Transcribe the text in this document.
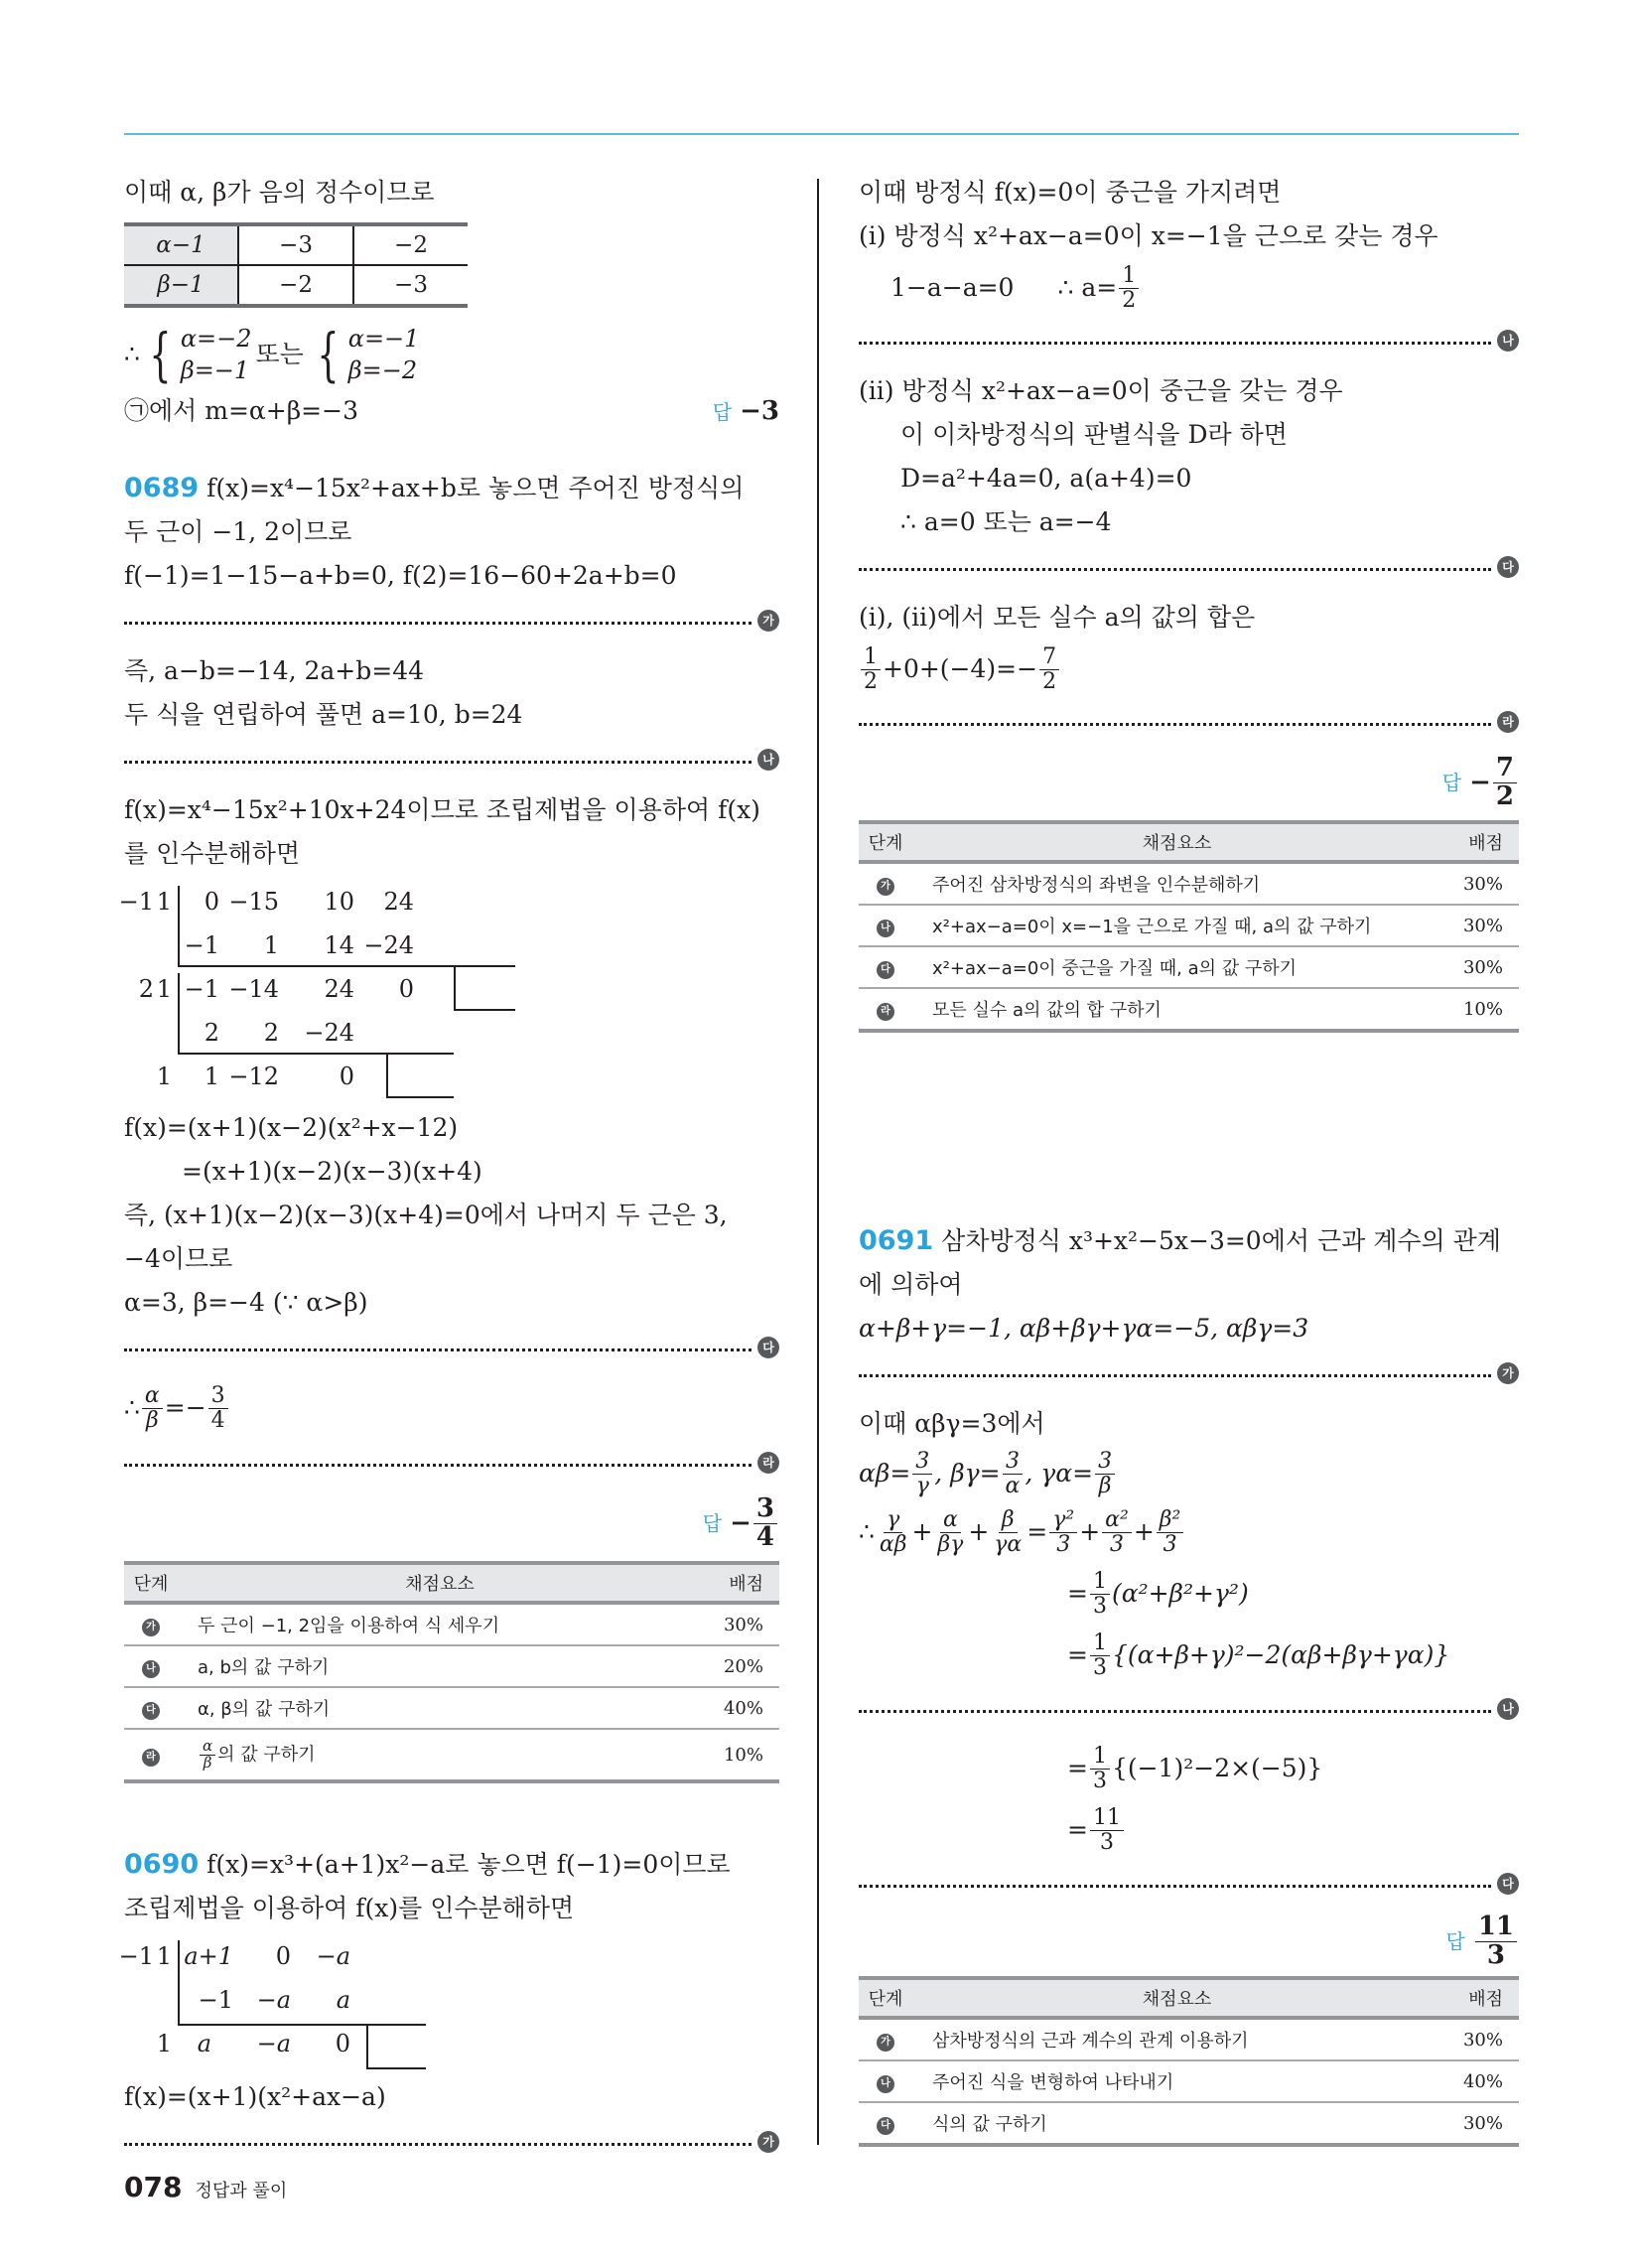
이때 α, β가 음의 정수이므로
α−1	−3	−2
β−1	−2	−3
∴ { α=−2
β=−1
또는 { α=−1
β=−2
㉠에서 m=α+β=−3	답 −3
0689 f(x)=x⁴−15x²+ax+b로 놓으면 주어진 방정식의
두 근이 −1, 2이므로
f(−1)=1−15−a+b=0, f(2)=16−60+2a+b=0
가
즉, a−b=−14, 2a+b=44
두 식을 연립하여 풀면 a=10, b=24
나
f(x)=x⁴−15x²+10x+24이므로 조립제법을 이용하여 f(x)
를 인수분해하면
−1 1	0 −15	10	24
−1	1	14 −24
2 1 −1 −14	24	0
2	2	−24
1	1 −12	0
f(x)=(x+1)(x−2)(x²+x−12)
=(x+1)(x−2)(x−3)(x+4)
즉, (x+1)(x−2)(x−3)(x+4)=0에서 나머지 두 근은 3,
−4이므로
α=3, β=−4 (∵ α>β)
다
∴ $\frac{\alpha}{\beta} =- \frac{3}{4}$
라
답 − $\frac{3}{4}$
단계	채점요소	배점
가	두 근이 −1, 2임을 이용하여 식 세우기	30%
나	a, b의 값 구하기	20%
다	α, β의 값 구하기	40%
라	$\frac{\alpha}{\beta}$ 의 값 구하기	10%
0690 f(x)=x³+(a+1)x²−a로 놓으면 f(−1)=0이므로
조립제법을 이용하여 f(x)를 인수분해하면
−1 1 a+1	0	−a
−1 −a	a
1	a	−a	0
f(x)=(x+1)(x²+ax−a)
가
이때 방정식 f(x)=0이 중근을 가지려면
(i) 방정식 x²+ax−a=0이 x=−1을 근으로 갖는 경우
1−a−a=0 ∴ $a= \frac{1}{2}$
나
(ii) 방정식 x²+ax−a=0이 중근을 갖는 경우
이 이차방정식의 판별식을 D라 하면
D=a²+4a=0, a(a+4)=0
∴ a=0 또는 a=−4
다
(i), (ii)에서 모든 실수 a의 값의 합은
$\frac{1}{2} +0+(-4)=- \frac{7}{2}$
라
답 − $\frac{7}{2}$
단계	채점요소	배점
가	주어진 삼차방정식의 좌변을 인수분해하기	30%
나	x²+ax−a=0이 x=−1을 근으로 가질 때, a의 값 구하기	30%
다	x²+ax−a=0이 중근을 가질 때, a의 값 구하기	30%
라	모든 실수 a의 값의 합 구하기	10%
0691 삼차방정식 x³+x²−5x−3=0에서 근과 계수의 관계
에 의하여
α+β+γ=−1, αβ+βγ+γα=−5, αβγ=3
가
이때 αβγ=3에서
$\alpha\beta= \frac{3}{\gamma}$ , $\beta\gamma= \frac{3}{\alpha}$ , $\gamma\alpha= \frac{3}{\beta}$
∴ $\frac{\gamma}{\alpha\beta} + \frac{\alpha}{\beta\gamma} + \frac{\beta}{\gamma\alpha} = \frac{\text{γ²}}{3} + \frac{\text{α²}}{3} + \frac{\text{β²}}{3}$
= $\frac{1}{3} (\alpha^2+\beta^2+\gamma^2)$
= $\frac{1}{3} \{(\alpha+\beta+\gamma)^2-2(\alpha\beta+\beta\gamma+\gamma\alpha)\}$
나
= $\frac{1}{3} \{(-1)^2-2\times(-5)\}$
= $\frac{11}{3}$
다
답 $\frac{11}{3}$
단계	채점요소	배점
가	삼차방정식의 근과 계수의 관계 이용하기	30%
나	주어진 식을 변형하여 나타내기	40%
다	식의 값 구하기	30%
078 정답과 풀이
